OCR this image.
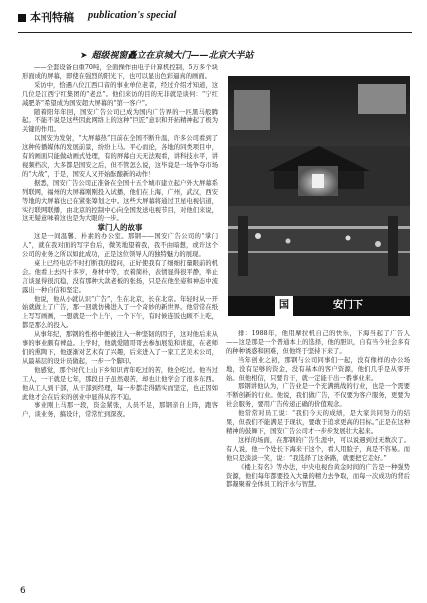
本刊特稿 publication's special
➤ 超级视窗矗立在京城大门——北京大半站

——全套设备白重70吨，全面操作由电子计算机控制，5万多个块形面成的屏幕，即使在强烈的阳光下，也可以显出色彩逼真的画面。

采访中，恰遇八位江西口音的事业单位老者，经过介绍才知道，这几位是江西宁红集团的“老总”。他们来访的目的无非就是谈何：“宁红减肥茶”希望成为国安超大屏幕的“第一客户”。

随着阳年年回，国安广告公司已成为国内广告界的一匹黑马般腾起。不能不说是这些因此网络上的这种“巨匠”意识和开拓精神起了极为关键的作用。

以国安为发射，“大屏幕热”目前在全国不断升温，许多公司看到了这种传播媒体的发展前景，纷纷上马。平心而论，各地的同类项目中，有的画面只能做动画式处理，有的屏幕白天无法观看，讲科技水平，讲视频档次，大多都是国安之后，但不管怎么说，这毕竟是一场争夺市场的“大战”，于是，国安人又开始酝酿新的动作！

据悉，国安广告公司正准备在全国十五个城市建立起户外大屏幕系列联网，福州的大屏幕刚刚投入试播，他们在上海，广州，武汉，西安等地的大屏幕也已在紧张筹划之中。这些大屏幕将通过卫星电视信道，实行联网联播，由北京的控制中心向全国发送电视节目，对他们来说，这无疑意味着这也是为大眼的一步。

掌门人的故事

这是一间温馨、朴素的办公室。那钢——国安广告公司的“掌门人”，就在我对面的写字台后，微笑地望着我，我不由暗想，或许这个公司的业务之所以如此成功，正是这位领导人的独特魅力的展现。

桌上已经电话不时打断我的提问，正好使我有了细细打量眼前的机会。他看上去四十多岁，身材中等，衣着简朴，表情显得很平静，举止言谈显得很沉稳，没有那种大款老板的张扬，只是在他坐姿和神态中流露出一种自信和坚定。

他说，他从小就认识“广告”，生在北京，长在北京。年轻时从一开始就做上了广告，那一回就仿佛进入了一个奇妙的新世界。他常常在纸上写写画画，一想就是一个上午，一个下午，有时候连饭也顾不上吃，都是那么的投入。

从事年纪，那钢的性格中便被注入一种坚韧的因子，这对他后来从事的事业颇有裨益。上学时，他就爱随哥哥去参加展览和讲座，在老师们的熏陶下，他逐渐对艺术有了兴趣，后来进入了一家工艺美术公司，从最基层的设计员做起，一步一个脚印。

他感觉，那个时代上山下乡知识青年吃过的苦，他全吃过。他当过工人，一干就是七年，那段日子虽然艰苦，却也让他学会了很多东西。他从工人到干部，从干部到经理，每一步都走得踏实而坚定，也正因如此他才会在后来的创业中显得从容不迫。

事业刚上马那一段，资金紧张，人员不足，那钢亲自上阵，跑客户，谈业务，搞设计，常常忙到深夜。

国	安门下

排：1988年，他用摩拉机自己的快乐，下海当起了广告人——这是那是一个普通本上的选择，他的胆识，自有当今社会多有的种种诱惑和困难，但他终于坚持下来了。

当年创业之初，那钢与公司同事们一起，没有像样的办公场地，没有足够的资金，没有基本的客户资源，他们几乎是从零开始。但他相信，只要肯干，就一定能干出一番事业来。

那钢讲他认为，广告业是一个充满挑战的行业，也是一个需要不断创新的行业。他说，我们做广告，不仅要为客户服务，更要为社会服务，要用广告传递正确的价值观念。

他常常对员工说：“我们今天的成绩，是大家共同努力的结果，但我们不能满足于现状，要敢于追求更高的目标。”正是在这种精神的鼓舞下，国安广告公司才一步步发展壮大起来。

这样的场面，在那钢的广告生涯中，可以说遇到过无数次了。有人说，他一个处长下海来干这个，看人用脸子，真是不容易。而他只是淡淡一笑，说：“我选择了这条路，就要把它走好。”

《楼上有名》等办法，中央电视台黄金时间的广告是一种强势资源，他们每年都要投入大量的精力去争取，而每一次成功的背后都凝聚着全体员工的汗水与智慧。

6
